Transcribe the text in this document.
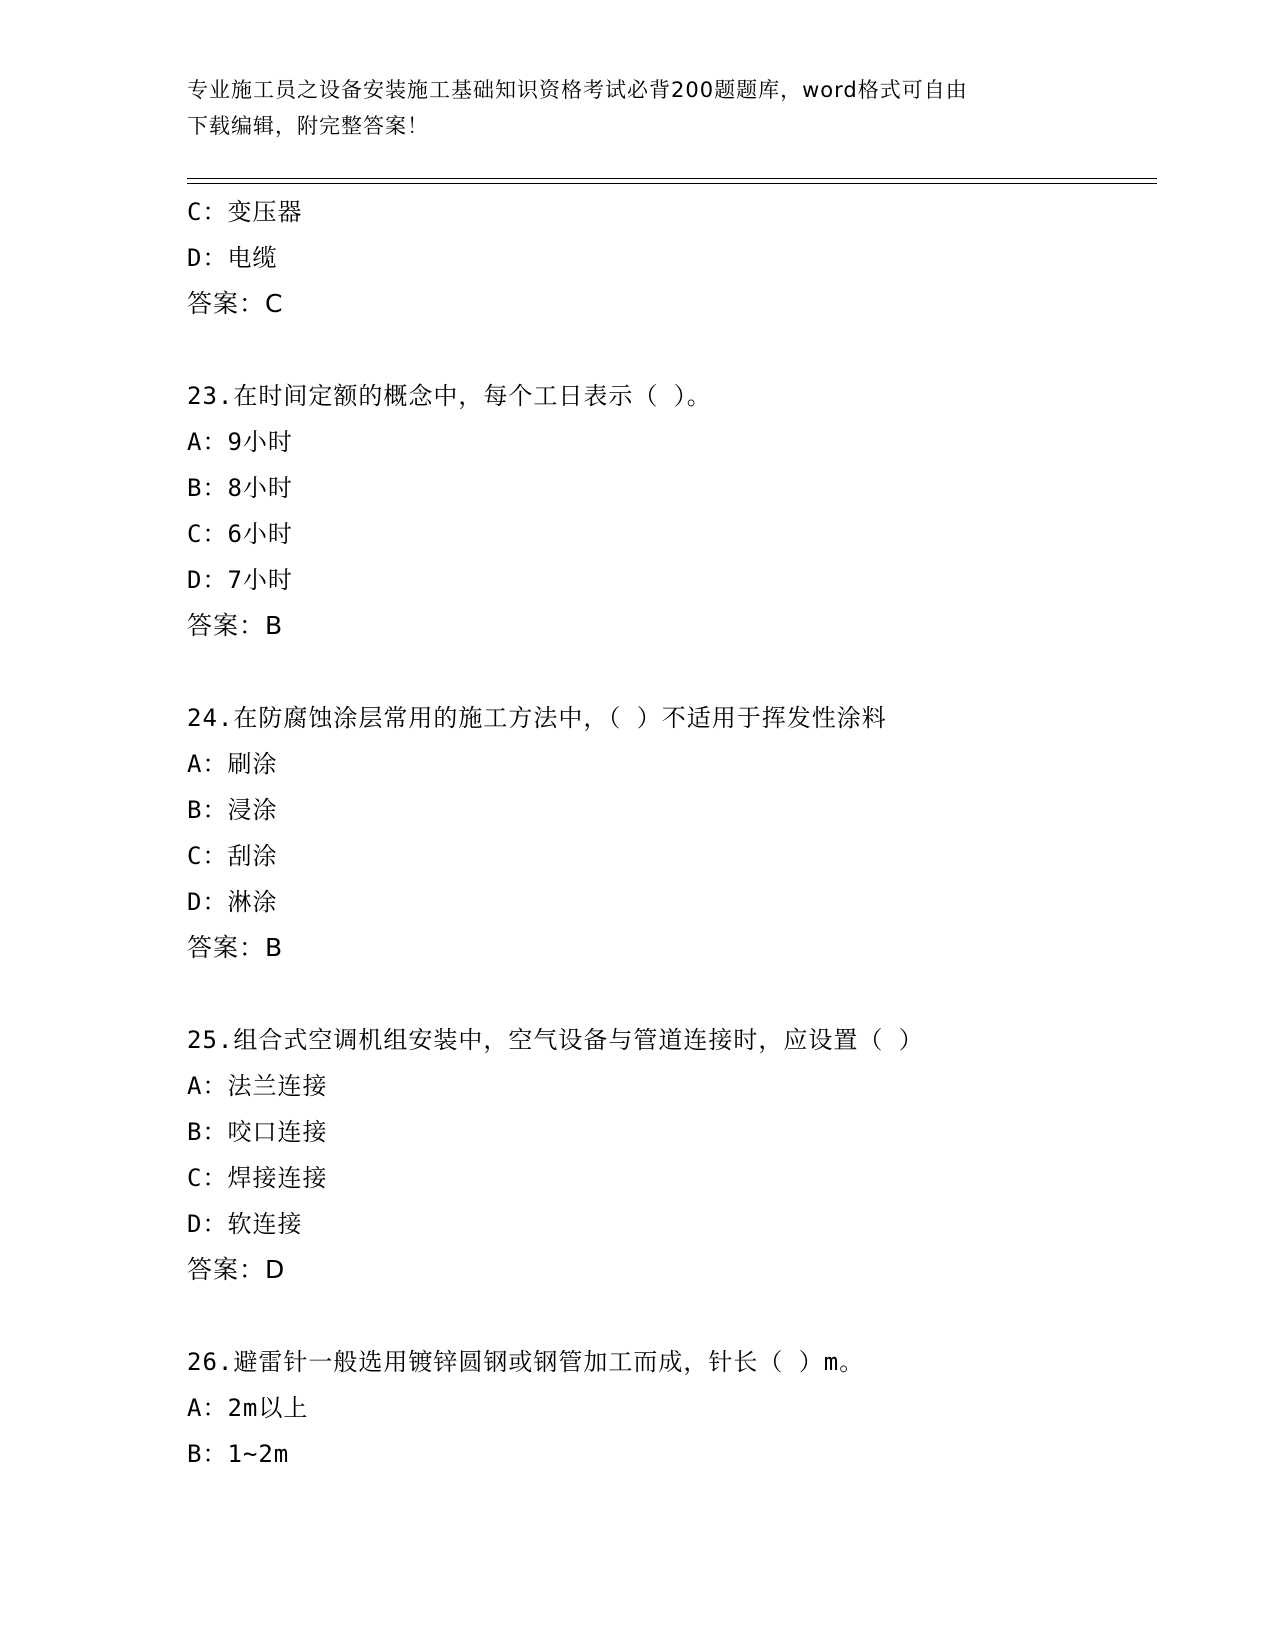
专业施工员之设备安装施工基础知识资格考试必背200题题库，word格式可自由
下载编辑，附完整答案！
C：变压器
D：电缆
答案：C
23.在时间定额的概念中，每个工日表示（ ）。
A：9小时
B：8小时
C：6小时
D：7小时
答案：B
24.在防腐蚀涂层常用的施工方法中，（ ）不适用于挥发性涂料
A：刷涂
B：浸涂
C：刮涂
D：淋涂
答案：B
25.组合式空调机组安装中，空气设备与管道连接时，应设置（ ）
A：法兰连接
B：咬口连接
C：焊接连接
D：软连接
答案：D
26.避雷针一般选用镀锌圆钢或钢管加工而成，针长（ ）m。
A：2m以上
B：1~2m
